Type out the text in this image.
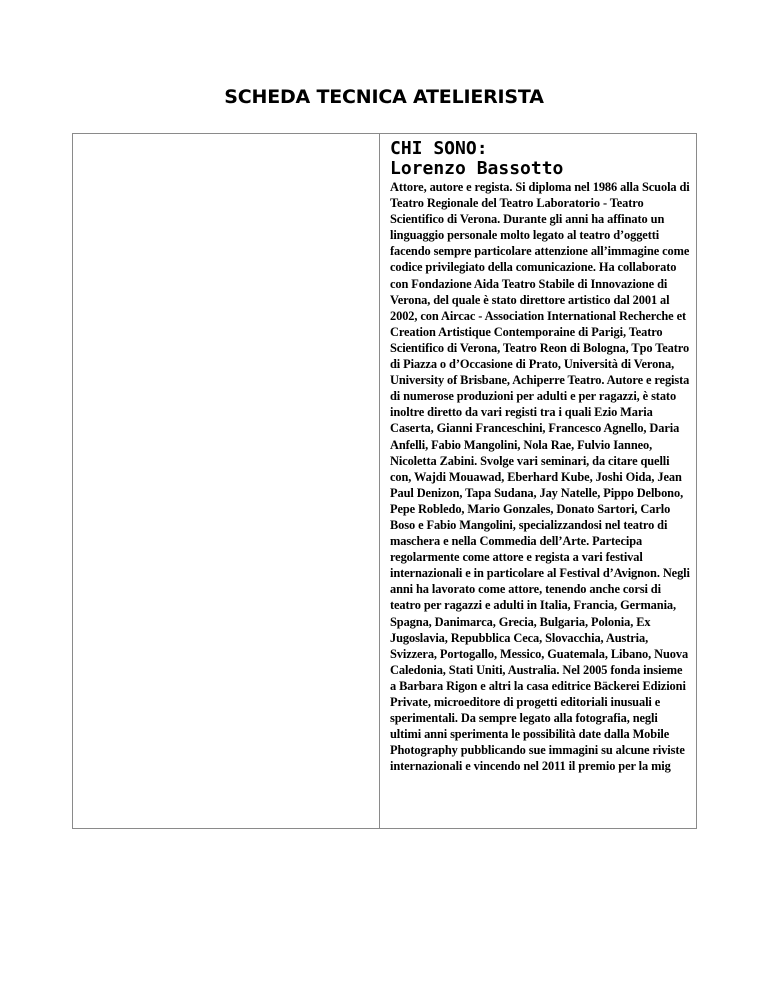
SCHEDA TECNICA ATELIERISTA

CHI SONO:

Lorenzo Bassotto

Attore, autore e regista. Si diploma nel 1986 alla Scuola di Teatro Regionale del Teatro Laboratorio - Teatro Scientifico di Verona. Durante gli anni ha affinato un linguaggio personale molto legato al teatro d’oggetti facendo sempre particolare attenzione all’immagine come codice privilegiato della comunicazione. Ha collaborato con Fondazione Aida Teatro Stabile di Innovazione di Verona, del quale è stato direttore artistico dal 2001 al 2002, con Aircac - Association International Recherche et Creation Artistique Contemporaine di Parigi, Teatro Scientifico di Verona, Teatro Reon di Bologna, Tpo Teatro di Piazza o d’Occasione di Prato, Università di Verona, University of Brisbane, Achiperre Teatro. Autore e regista di numerose produzioni per adulti e per ragazzi, è stato inoltre diretto da vari registi tra i quali Ezio Maria Caserta, Gianni Franceschini, Francesco Agnello, Daria Anfelli, Fabio Mangolini, Nola Rae, Fulvio Ianneo, Nicoletta Zabini. Svolge vari seminari, da citare quelli con, Wajdi Mouawad, Eberhard Kube, Joshi Oida, Jean Paul Denizon, Tapa Sudana, Jay Natelle, Pippo Delbono, Pepe Robledo, Mario Gonzales, Donato Sartori, Carlo Boso e Fabio Mangolini, specializzandosi nel teatro di maschera e nella Commedia dell’Arte. Partecipa regolarmente come attore e regista a vari festival internazionali e in particolare al Festival d’Avignon. Negli anni ha lavorato come attore, tenendo anche corsi di teatro per ragazzi e adulti in Italia, Francia, Germania, Spagna, Danimarca, Grecia, Bulgaria, Polonia, Ex Jugoslavia, Repubblica Ceca, Slovacchia, Austria, Svizzera, Portogallo, Messico, Guatemala, Libano, Nuova Caledonia, Stati Uniti, Australia. Nel 2005 fonda insieme a Barbara Rigon e altri la casa editrice Bäckerei Edizioni Private, microeditore di progetti editoriali inusuali e sperimentali. Da sempre legato alla fotografia, negli ultimi anni sperimenta le possibilità date dalla Mobile Photography pubblicando sue immagini su alcune riviste internazionali e vincendo nel 2011 il premio per la mig
